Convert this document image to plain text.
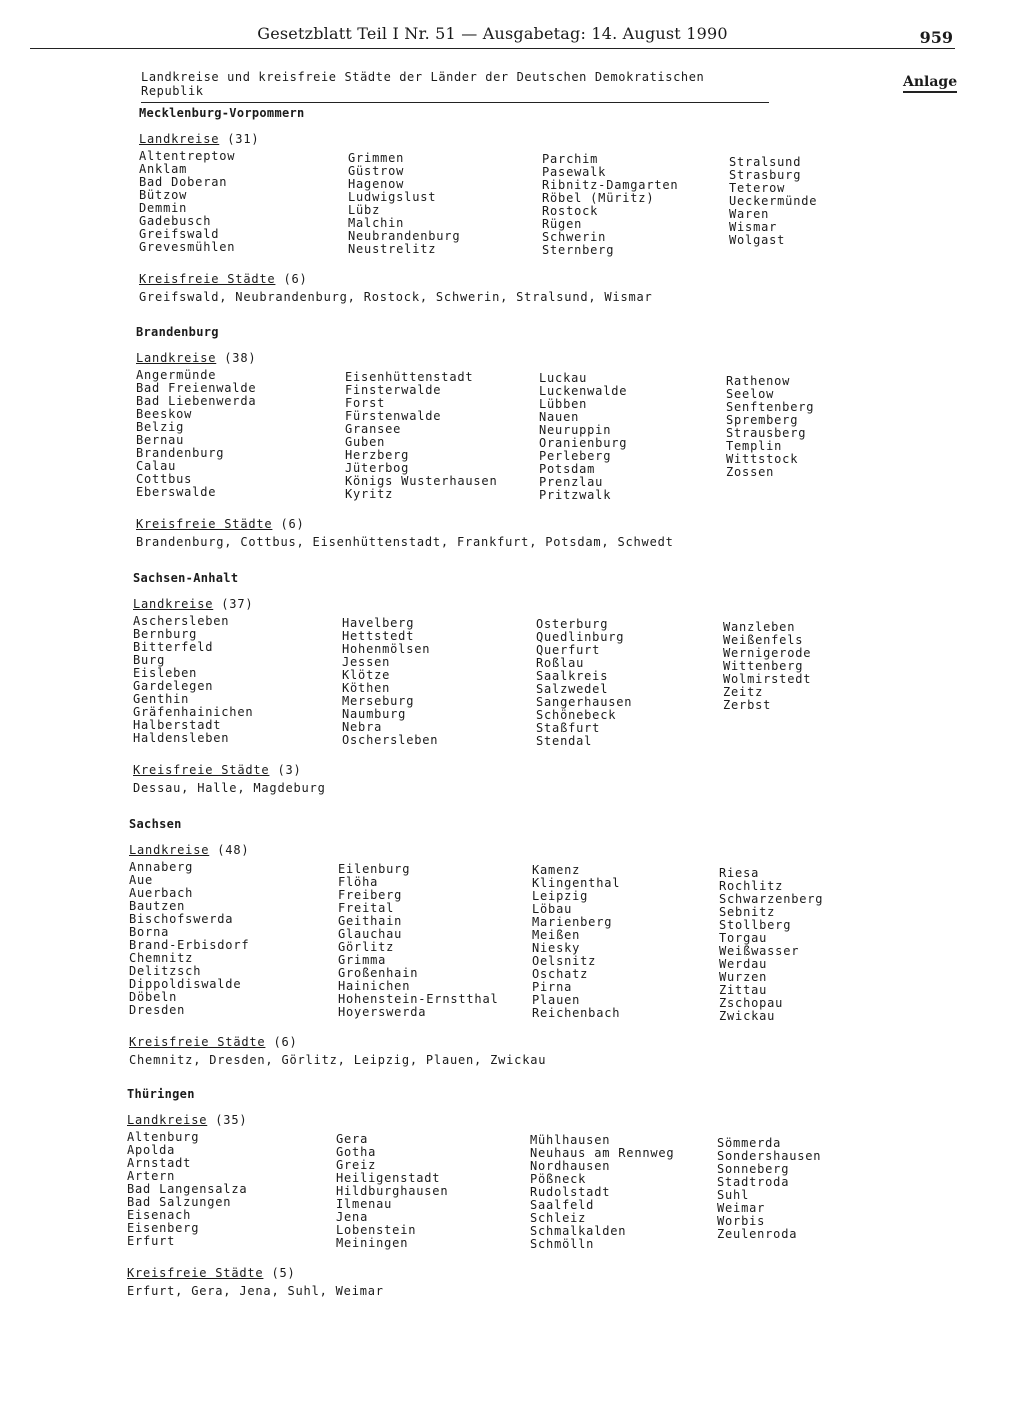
Gesetzblatt Teil I Nr. 51 — Ausgabetag: 14. August 1990	959
Landkreise und kreisfreie Städte der Länder der Deutschen Demokratischen Republik
Anlage
Mecklenburg-Vorpommern
Landkreise (31)
Altentreptow
Anklam
Bad Doberan
Bützow
Demmin
Gadebusch
Greifswald
Grevesmühlen
Grimmen
Güstrow
Hagenow
Ludwigslust
Lübz
Malchin
Neubrandenburg
Neustrelitz
Parchim
Pasewalk
Ribnitz-Damgarten
Röbel (Müritz)
Rostock
Rügen
Schwerin
Sternberg
Stralsund
Strasburg
Teterow
Ueckermünde
Waren
Wismar
Wolgast
Kreisfreie Städte (6)
Greifswald, Neubrandenburg, Rostock, Schwerin, Stralsund, Wismar
Brandenburg
Landkreise (38)
Angermünde
Bad Freienwalde
Bad Liebenwerda
Beeskow
Belzig
Bernau
Brandenburg
Calau
Cottbus
Eberswalde
Eisenhüttenstadt
Finsterwalde
Forst
Fürstenwalde
Gransee
Guben
Herzberg
Jüterbog
Königs Wusterhausen
Kyritz
Luckau
Luckenwalde
Lübben
Nauen
Neuruppin
Oranienburg
Perleberg
Potsdam
Prenzlau
Pritzwalk
Rathenow
Seelow
Senftenberg
Spremberg
Strausberg
Templin
Wittstock
Zossen
Kreisfreie Städte (6)
Brandenburg, Cottbus, Eisenhüttenstadt, Frankfurt, Potsdam, Schwedt
Sachsen-Anhalt
Landkreise (37)
Aschersleben
Bernburg
Bitterfeld
Burg
Eisleben
Gardelegen
Genthin
Gräfenhainichen
Halberstadt
Haldensleben
Havelberg
Hettstedt
Hohenmölsen
Jessen
Klötze
Köthen
Merseburg
Naumburg
Nebra
Oschersleben
Osterburg
Quedlinburg
Querfurt
Roßlau
Saalkreis
Salzwedel
Sangerhausen
Schönebeck
Staßfurt
Stendal
Wanzleben
Weißenfels
Wernigerode
Wittenberg
Wolmirstedt
Zeitz
Zerbst
Kreisfreie Städte (3)
Dessau, Halle, Magdeburg
Sachsen
Landkreise (48)
Annaberg
Aue
Auerbach
Bautzen
Bischofswerda
Borna
Brand-Erbisdorf
Chemnitz
Delitzsch
Dippoldiswalde
Döbeln
Dresden
Eilenburg
Flöha
Freiberg
Freital
Geithain
Glauchau
Görlitz
Grimma
Großenhain
Hainichen
Hohenstein-Ernstthal
Hoyerswerda
Kamenz
Klingenthal
Leipzig
Löbau
Marienberg
Meißen
Niesky
Oelsnitz
Oschatz
Pirna
Plauen
Reichenbach
Riesa
Rochlitz
Schwarzenberg
Sebnitz
Stollberg
Torgau
Weißwasser
Werdau
Wurzen
Zittau
Zschopau
Zwickau
Kreisfreie Städte (6)
Chemnitz, Dresden, Görlitz, Leipzig, Plauen, Zwickau
Thüringen
Landkreise (35)
Altenburg
Apolda
Arnstadt
Artern
Bad Langensalza
Bad Salzungen
Eisenach
Eisenberg
Erfurt
Gera
Gotha
Greiz
Heiligenstadt
Hildburghausen
Ilmenau
Jena
Lobenstein
Meiningen
Mühlhausen
Neuhaus am Rennweg
Nordhausen
Pößneck
Rudolstadt
Saalfeld
Schleiz
Schmalkalden
Schmölln
Sömmerda
Sondershausen
Sonneberg
Stadtroda
Suhl
Weimar
Worbis
Zeulenroda
Kreisfreie Städte (5)
Erfurt, Gera, Jena, Suhl, Weimar
